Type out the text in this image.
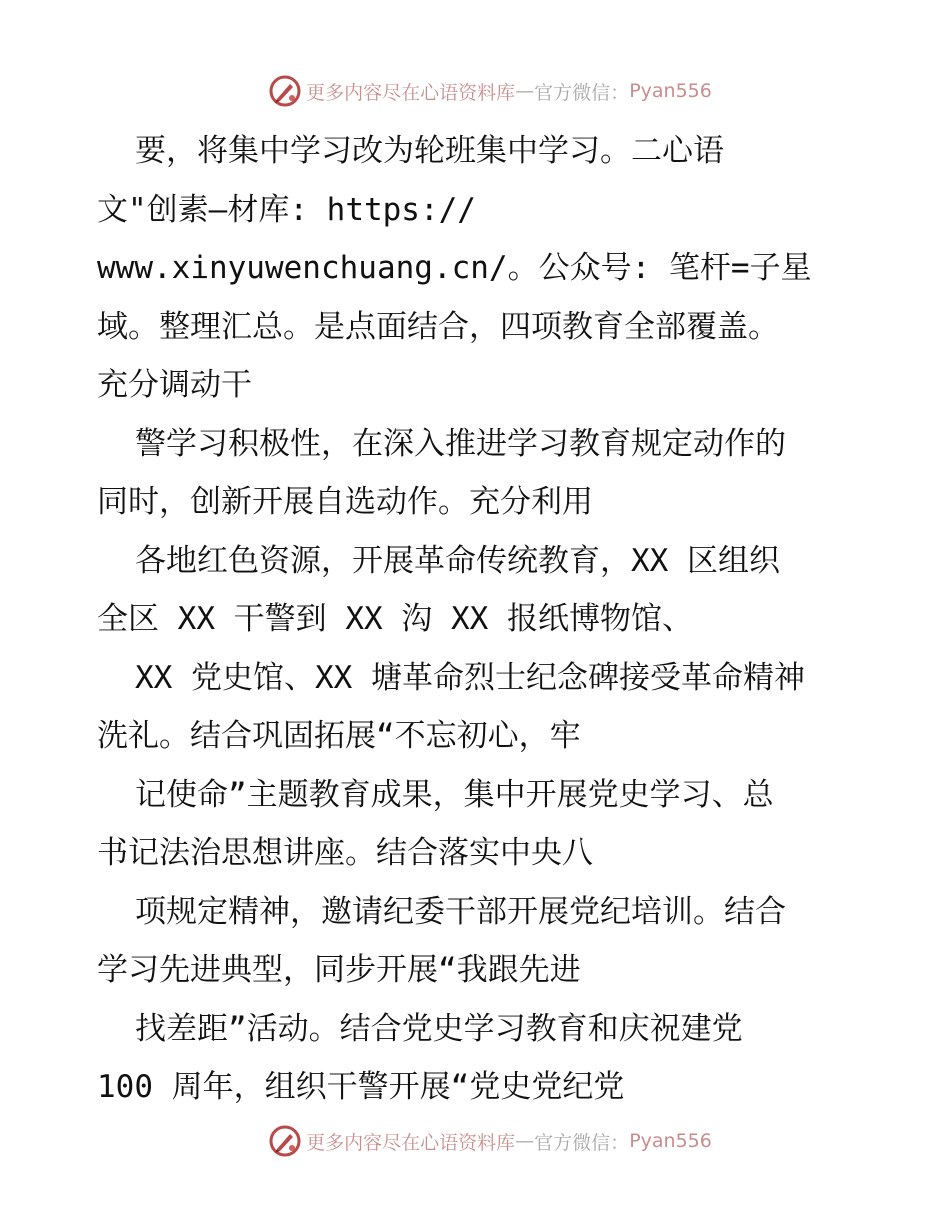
更多内容尽在心语资料库 — 官方微信： Pyan556
要，将集中学习改为轮班集中学习。二心语
文"创素—材库: https://
www.xinyuwenchuang.cn/。公众号: 笔杆=子星
域。整理汇总。是点面结合，四项教育全部覆盖。
充分调动干
警学习积极性，在深入推进学习教育规定动作的
同时，创新开展自选动作。充分利用
各地红色资源，开展革命传统教育，XX 区组织
全区 XX 干警到 XX 沟 XX 报纸博物馆、
XX 党史馆、XX 塘革命烈士纪念碑接受革命精神
洗礼。结合巩固拓展“不忘初心，牢
记使命”主题教育成果，集中开展党史学习、总
书记法治思想讲座。结合落实中央八
项规定精神，邀请纪委干部开展党纪培训。结合
学习先进典型，同步开展“我跟先进
找差距”活动。结合党史学习教育和庆祝建党
100 周年，组织干警开展“党史党纪党
更多内容尽在心语资料库 — 官方微信： Pyan556
